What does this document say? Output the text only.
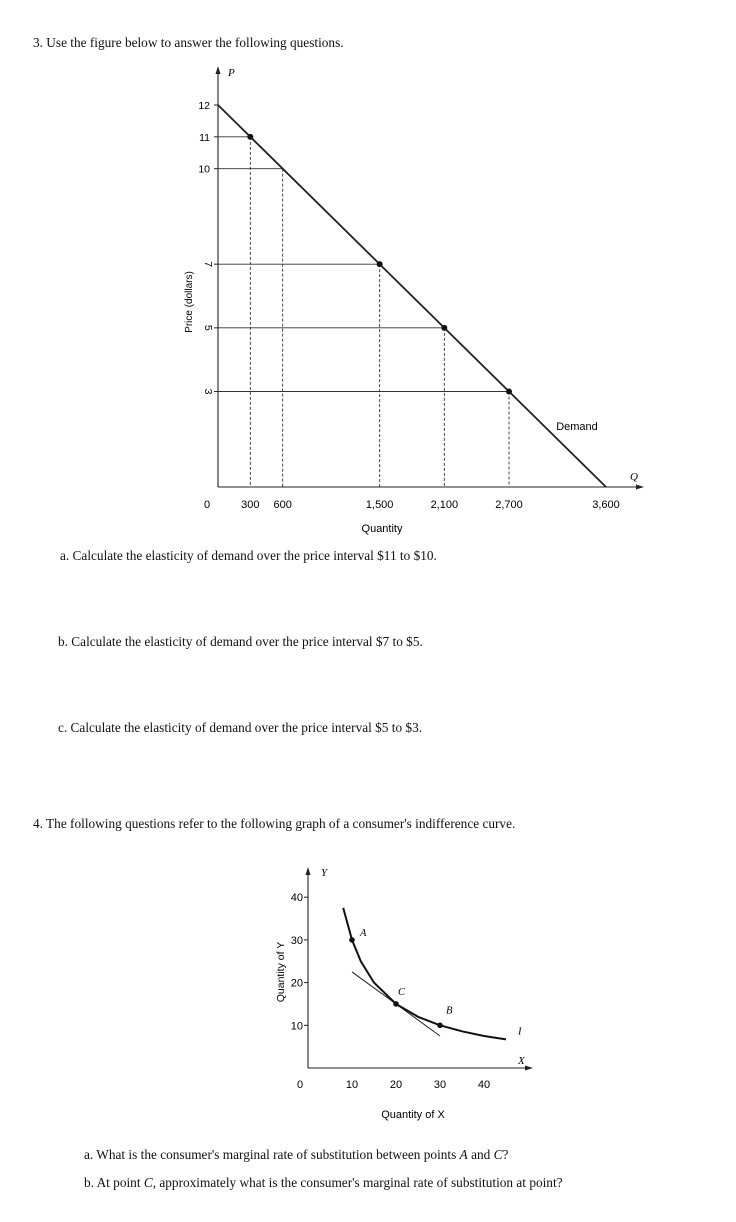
3. Use the figure below to answer the following questions.
a. Calculate the elasticity of demand over the price interval $11 to $10.
b. Calculate the elasticity of demand over the price interval $7 to $5.
c. Calculate the elasticity of demand over the price interval $5 to $3.
4. The following questions refer to the following graph of a consumer's indifference curve.
a. What is the consumer's marginal rate of substitution between points A and C?
b. At point C, approximately what is the consumer's marginal rate of substitution at point?
P
Q
0
3
5
7
10
11
12
300 600	1,500	2,100	2,700	3,600
Demand
Quantity
Price (dollars)
Y
X
0
10
20
30
40
10	20	30	40
A
C
B
I
Quantity of X
Quantity of Y
